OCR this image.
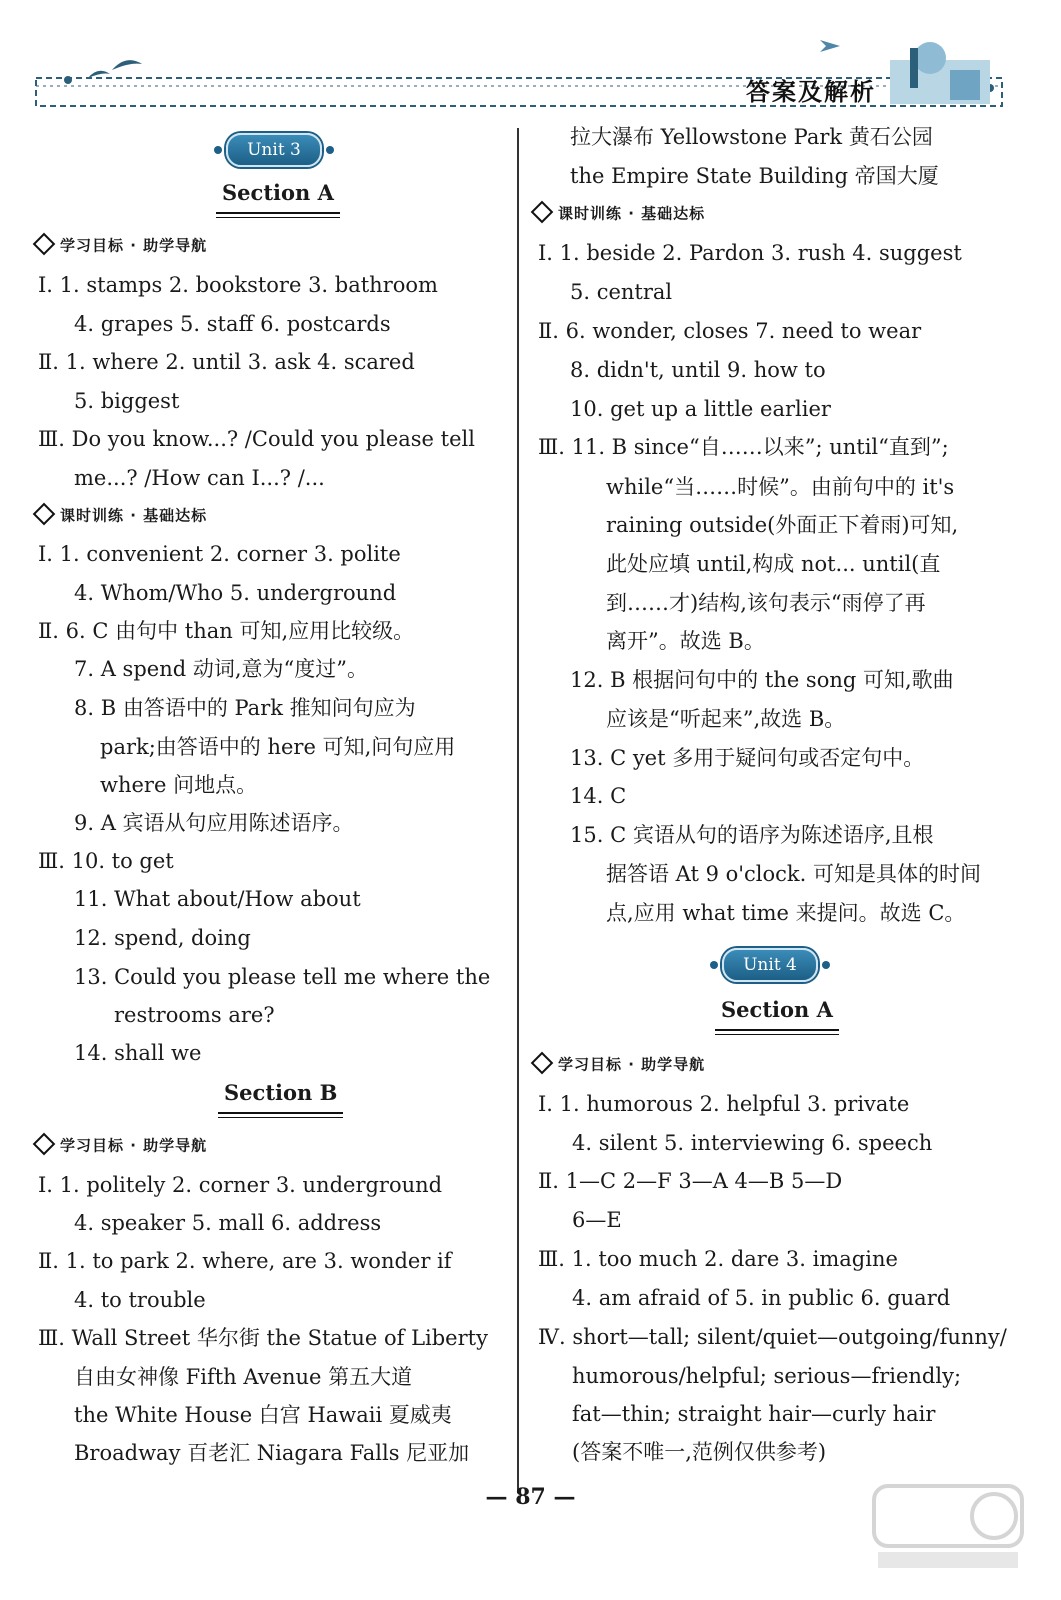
答案及解析
Unit 3
Section A
学习目标 · 助学导航
Ⅰ. 1. stamps 2. bookstore 3. bathroom
4. grapes 5. staff 6. postcards
Ⅱ. 1. where 2. until 3. ask 4. scared
5. biggest
Ⅲ. Do you know...? /Could you please tell
me...? /How can I...? /...
课时训练 · 基础达标
Ⅰ. 1. convenient 2. corner 3. polite
4. Whom/Who 5. underground
Ⅱ. 6. C 由句中 than 可知,应用比较级。
7. A spend 动词,意为“度过”。
8. B 由答语中的 Park 推知问句应为
park;由答语中的 here 可知,问句应用
where 问地点。
9. A 宾语从句应用陈述语序。
Ⅲ. 10. to get
11. What about/How about
12. spend, doing
13. Could you please tell me where the
restrooms are?
14. shall we
Section B
学习目标 · 助学导航
Ⅰ. 1. politely 2. corner 3. underground
4. speaker 5. mall 6. address
Ⅱ. 1. to park 2. where, are 3. wonder if
4. to trouble
Ⅲ. Wall Street 华尔街 the Statue of Liberty
自由女神像 Fifth Avenue 第五大道
the White House 白宫 Hawaii 夏威夷
Broadway 百老汇 Niagara Falls 尼亚加
拉大瀑布 Yellowstone Park 黄石公园
the Empire State Building 帝国大厦
课时训练 · 基础达标
Ⅰ. 1. beside 2. Pardon 3. rush 4. suggest
5. central
Ⅱ. 6. wonder, closes 7. need to wear
8. didn't, until 9. how to
10. get up a little earlier
Ⅲ. 11. B since“自……以来”; until“直到”;
while“当……时候”。由前句中的 it's
raining outside(外面正下着雨)可知,
此处应填 until,构成 not... until(直
到……才)结构,该句表示“雨停了再
离开”。故选 B。
12. B 根据问句中的 the song 可知,歌曲
应该是“听起来”,故选 B。
13. C yet 多用于疑问句或否定句中。
14. C
15. C 宾语从句的语序为陈述语序,且根
据答语 At 9 o'clock. 可知是具体的时间
点,应用 what time 来提问。故选 C。
Unit 4
Section A
学习目标 · 助学导航
Ⅰ. 1. humorous 2. helpful 3. private
4. silent 5. interviewing 6. speech
Ⅱ. 1—C 2—F 3—A 4—B 5—D
6—E
Ⅲ. 1. too much 2. dare 3. imagine
4. am afraid of 5. in public 6. guard
Ⅳ. short—tall; silent/quiet—outgoing/funny/
humorous/helpful; serious—friendly;
fat—thin; straight hair—curly hair
(答案不唯一,范例仅供参考)
— 87 —
